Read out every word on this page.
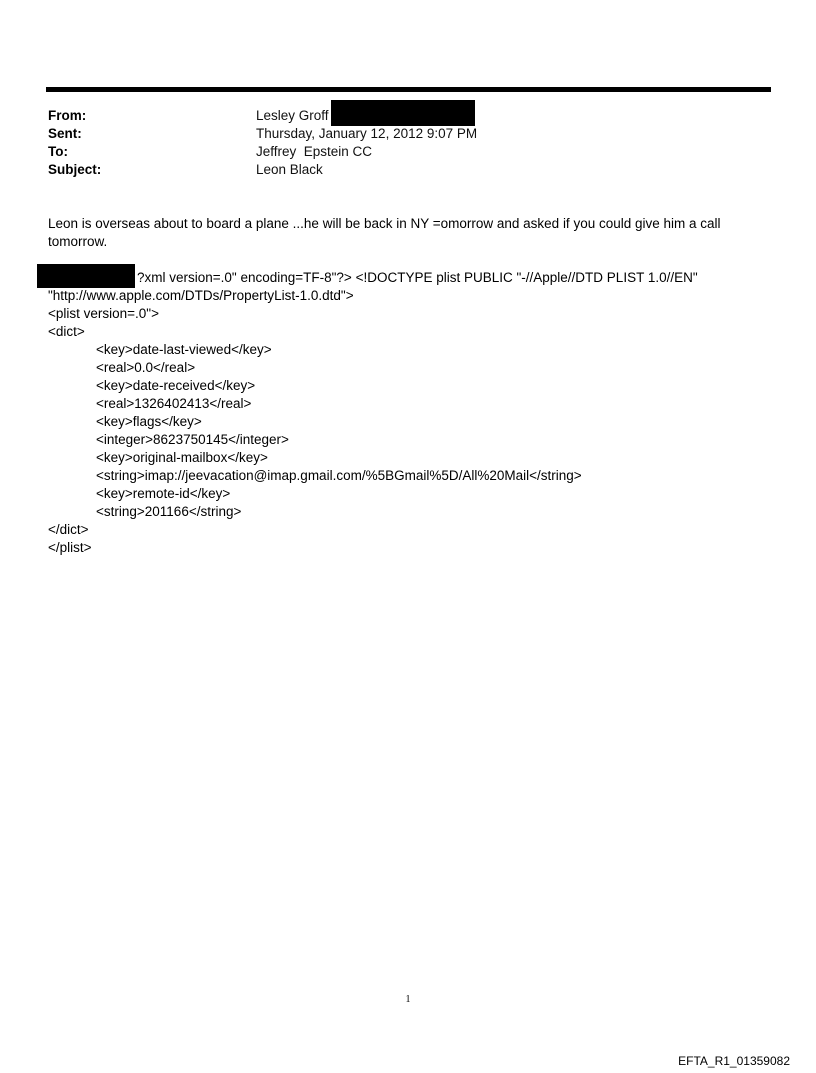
From:	Lesley Groff
Sent:	Thursday, January 12, 2012 9:07 PM
To:	Jeffrey  Epstein CC
Subject:	Leon Black
Leon is overseas about to board a plane ...he will be back in NY =omorrow and asked if you could give him a call tomorrow.
?xml version=.0" encoding=TF-8"?> <!DOCTYPE plist PUBLIC "-//Apple//DTD PLIST 1.0//EN"
"http://www.apple.com/DTDs/PropertyList-1.0.dtd">
<plist version=.0">
<dict>
<key>date-last-viewed</key>
<real>0.0</real>
<key>date-received</key>
<real>1326402413</real>
<key>flags</key>
<integer>8623750145</integer>
<key>original-mailbox</key>
<string>imap://jeevacation@imap.gmail.com/%5BGmail%5D/All%20Mail</string>
<key>remote-id</key>
<string>201166</string>
</dict>
</plist>
1
EFTA_R1_01359082
